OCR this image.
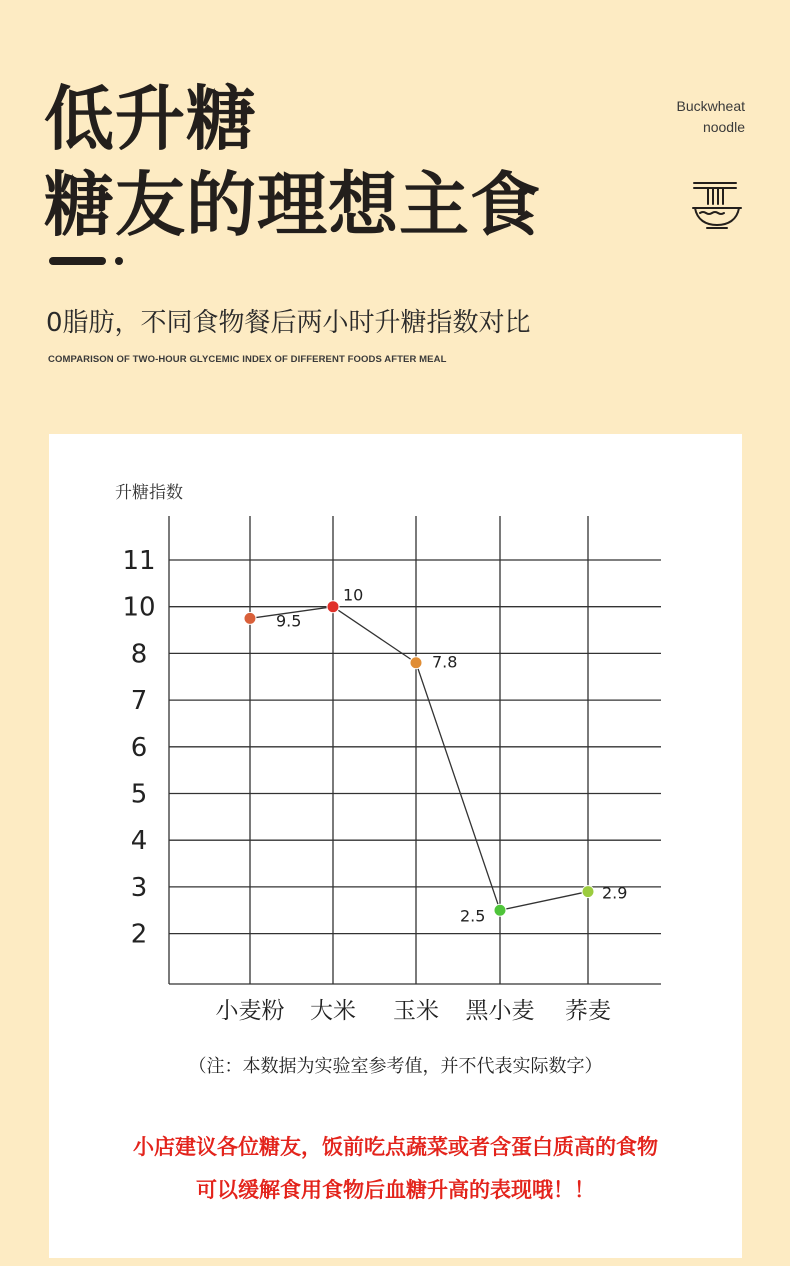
低升糖
糖友的理想主食
Buckwheat
noodle
0脂肪，不同食物餐后两小时升糖指数对比
COMPARISON OF TWO-HOUR GLYCEMIC INDEX OF DIFFERENT FOODS AFTER MEAL
升糖指数
11
10
8
7
6
5
4
3
2
小麦粉 大米 玉米 黑小麦 荞麦
9.5
10
7.8
2.5
2.9
（注：本数据为实验室参考值，并不代表实际数字）
小店建议各位糖友，饭前吃点蔬菜或者含蛋白质高的食物
可以缓解食用食物后血糖升高的表现哦！！
